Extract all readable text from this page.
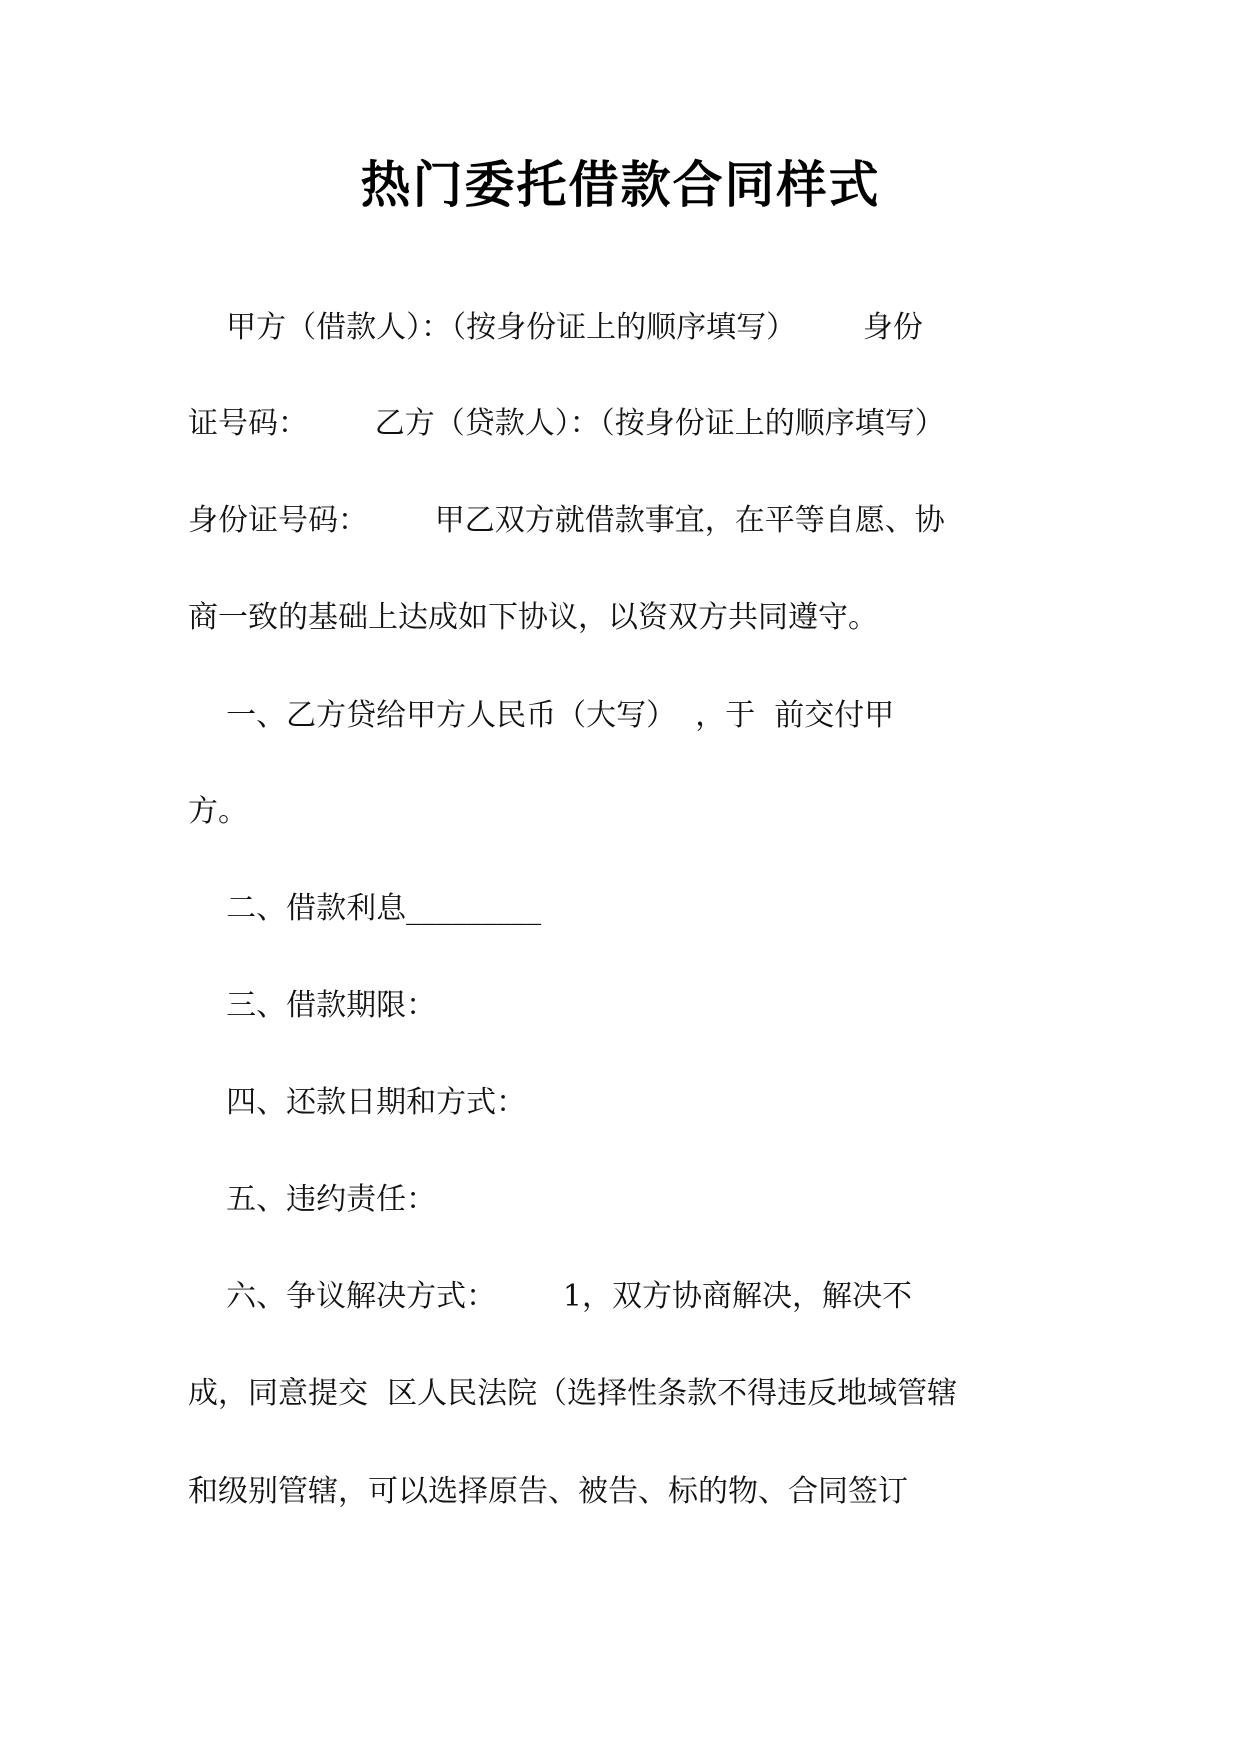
热门委托借款合同样式

甲方（借款人）：（按身份证上的顺序填写）       身份

证号码：       乙方（贷款人）：（按身份证上的顺序填写）

身份证号码：       甲乙双方就借款事宜，在平等自愿、协

商一致的基础上达成如下协议，以资双方共同遵守。

一、乙方贷给甲方人民币（大写）  ，于  前交付甲

方。

二、借款利息_________

三、借款期限：

四、还款日期和方式：

五、违约责任：

六、争议解决方式：       1，双方协商解决，解决不

成，同意提交  区人民法院（选择性条款不得违反地域管辖

和级别管辖，可以选择原告、被告、标的物、合同签订
